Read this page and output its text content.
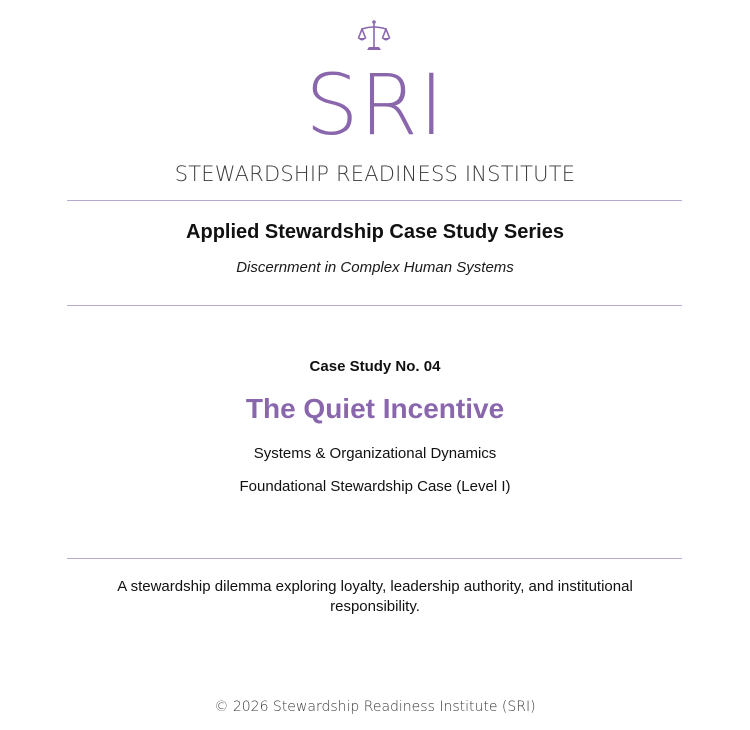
SRI
STEWARDSHIP READINESS INSTITUTE
Applied Stewardship Case Study Series
Discernment in Complex Human Systems
Case Study No. 04
The Quiet Incentive
Systems & Organizational Dynamics
Foundational Stewardship Case (Level I)
A stewardship dilemma exploring loyalty, leadership authority, and institutional responsibility.
© 2026 Stewardship Readiness Institute (SRI)
